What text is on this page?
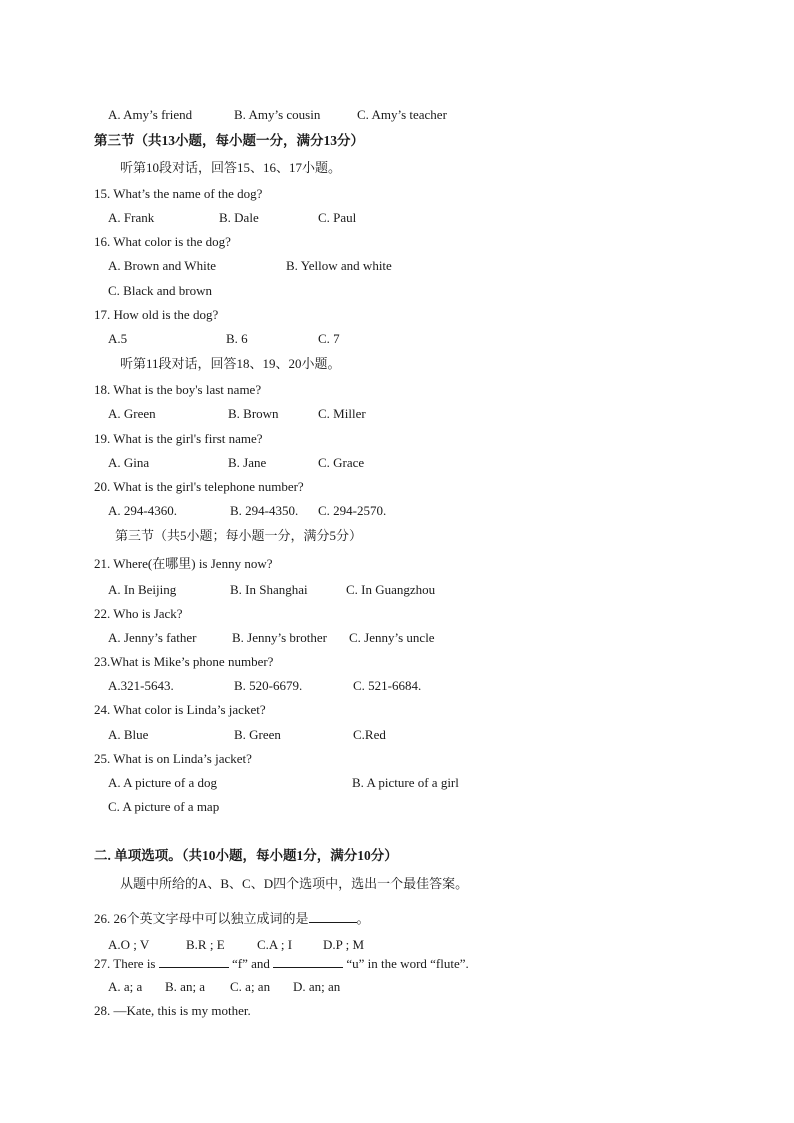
A. Amy’s friend	B. Amy’s cousin	C. Amy’s teacher
第三节（共13小题，每小题一分，满分13分）
听第10段对话，回答15、16、17小题。
15. What’s the name of the dog?
A. Frank	B. Dale	C. Paul
16. What color is the dog?
A. Brown and White	B. Yellow and white
C. Black and brown
17. How old is the dog?
A.5	B. 6	C. 7
听第11段对话，回答18、19、20小题。
18. What is the boy's last name?
A. Green	B. Brown	C. Miller
19. What is the girl's first name?
A. Gina	B. Jane	C. Grace
20. What is the girl's telephone number?
A. 294-4360.	B. 294-4350. C. 294-2570.
第三节（共5小题；每小题一分，满分5分）
21. Where(在哪里) is Jenny now?
A. In Beijing	B. In Shanghai	C. In Guangzhou
22. Who is Jack?
A. Jenny’s father	B. Jenny’s brother C. Jenny’s uncle
23.What is Mike’s phone number?
A.321-5643.	B. 520-6679.	C. 521-6684.
24. What color is Linda’s jacket?
A. Blue	B. Green	C.Red
25. What is on Linda’s jacket?
A. A picture of a dog	B. A picture of a girl
C. A picture of a map
二. 单项选项。（共10小题，每小题1分，满分10分）
从题中所给的A、B、C、D四个选项中，选出一个最佳答案。
26. 26个英文字母中可以独立成词的是	。
A.O ; V	B.R ; E C.A ; I D.P ; M
27. There is	“f” and	“u” in the word “flute”.
A. a; a B. an; a C. a; an D. an; an
28. —Kate, this is my mother.
